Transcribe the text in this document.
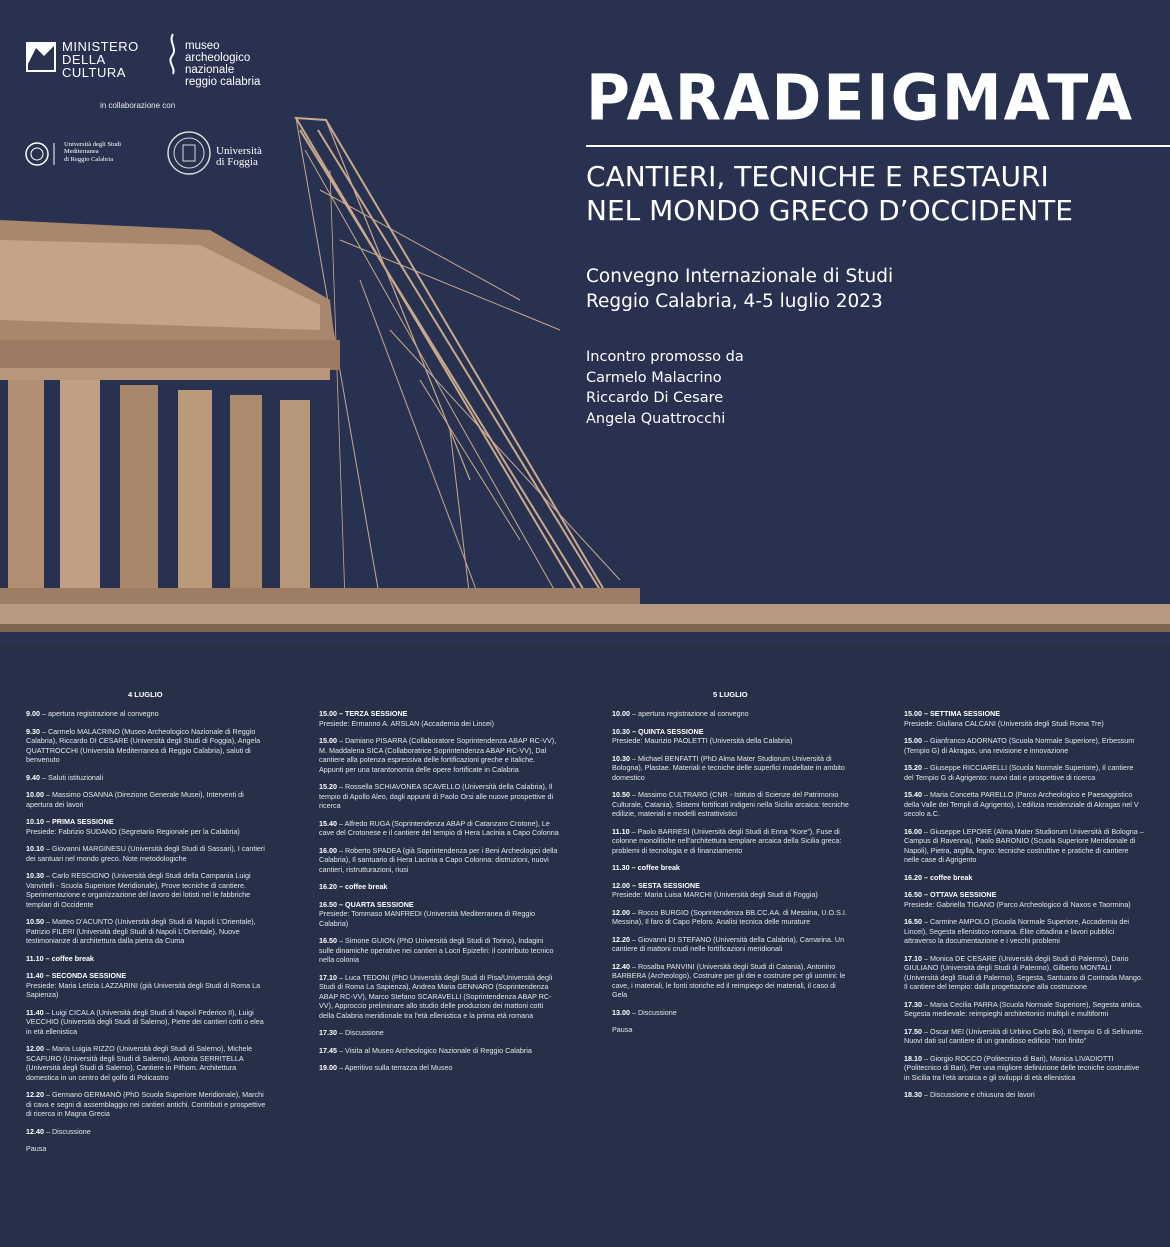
MINISTERO
DELLA
CULTURA
museo
archeologico
nazionale
reggio calabria
in collaborazione con
Università degli Studi
Mediterranea
di Reggio Calabria
Università
di Foggia
PARADEIGMATA
CANTIERI, TECNICHE E RESTAURI
NEL MONDO GRECO D’OCCIDENTE
Convegno Internazionale di Studi
Reggio Calabria, 4-5 luglio 2023
Incontro promosso da
Carmelo Malacrino
Riccardo Di Cesare
Angela Quattrocchi
4 LUGLIO	5 LUGLIO
9.00 – apertura registrazione al convegno
9.30 – Carmelo MALACRINO (Museo Archeologico Nazionale di Reggio Calabria), Riccardo DI CESARE (Università degli Studi di Foggia), Angela QUATTROCCHI (Università Mediterranea di Reggio Calabria), saluti di benvenuto
9.40 – Saluti istituzionali
10.00 – Massimo OSANNA (Direzione Generale Musei), Interventi di apertura dei lavori
10.10 – PRIMA SESSIONE
Presiede: Fabrizio SUDANO (Segretario Regionale per la Calabria)
10.10 – Giovanni MARGINESU (Università degli Studi di Sassari), I cantieri dei santuari nel mondo greco. Note metodologiche
10.30 – Carlo RESCIGNO (Università degli Studi della Campania Luigi Vanvitelli - Scuola Superiore Meridionale), Prove tecniche di cantiere. Sperimentazione e organizzazione del lavoro dei lotisti nel le fabbriche templari di Occidente
10.50 – Matteo D’ACUNTO (Università degli Studi di Napoli L’Orientale), Patrizio FILERI (Università degli Studi di Napoli L’Orientale), Nuove testimonianze di architettura dalla pietra da Cuma
11.10 – coffee break
11.40 – SECONDA SESSIONE
Presiede: Maria Letizia LAZZARINI (già Università degli Studi di Roma La Sapienza)
11.40 – Luigi CICALA (Università degli Studi di Napoli Federico II), Luigi VECCHIO (Università degli Studi di Salerno), Pietre dei cantieri cotti o elea in età ellenistica
12.00 – Maria Luigia RIZZO (Università degli Studi di Salerno), Michele SCAFURO (Università degli Studi di Salerno), Antonia SERRITELLA (Università degli Studi di Salerno), Cantiere in Pithom. Architettura domestica in un centro del golfo di Policastro
12.20 – Germano GERMANÒ (PhD Scuola Superiore Meridionale), Marchi di cava e segni di assemblaggio nei cantieri antichi. Contributi e prospettive di ricerca in Magna Grecia
12.40 – Discussione
Pausa
15.00 – TERZA SESSIONE
Presiede: Ermanno A. ARSLAN (Accademia dei Lincei)
15.00 – Damiano PISARRA (Collaboratore Soprintendenza ABAP RC-VV), M. Maddalena SICA (Collaboratrice Soprintendenza ABAP RC-VV), Dal cantiere alla potenza espressiva delle fortificazioni greche e italiche. Appunti per una tarantonomia delle opere fortificate in Calabria
15.20 – Rossella SCHIAVONEA SCAVELLO (Università della Calabria), Il tempio di Apollo Aleo, dagli appunti di Paolo Orsi alle nuove prospettive di ricerca
15.40 – Alfredo RUGA (Soprintendenza ABAP di Catanzaro Crotone), Le cave del Crotonese e il cantiere del tempio di Hera Lacinia a Capo Colonna
16.00 – Roberto SPADEA (già Soprintendenza per i Beni Archeologici della Calabria), Il santuario di Hera Lacinia a Capo Colonna: distruzioni, nuovi cantieri, ristrutturazioni, riusi
16.20 – coffee break
16.50 – QUARTA SESSIONE
Presiede: Tommaso MANFREDI (Università Mediterranea di Reggio Calabria)
16.50 – Simone GUION (PhD Università degli Studi di Torino), Indagini sulle dinamiche operative nei cantieri a Locri Epizefiri: il contributo tecnico nella colonia
17.10 – Luca TEDONI (PhD Università degli Studi di Pisa/Università degli Studi di Roma La Sapienza), Andrea Maria GENNARO (Soprintendenza ABAP RC-VV), Marco Stefano SCARAVELLI (Soprintendenza ABAP RC-VV), Approccio preliminare allo studio delle produzioni dei mattoni cotti della Calabria meridionale tra l’età ellenistica e la prima età romana
17.30 – Discussione
17.45 – Visita al Museo Archeologico Nazionale di Reggio Calabria
19.00 – Aperitivo sulla terrazza del Museo
10.00 – apertura registrazione al convegno
10.30 – QUINTA SESSIONE
Presiede: Maurizio PAOLETTI (Università della Calabria)
10.30 – Michael BENFATTI (PhD Alma Mater Studiorum Università di Bologna), Plastae. Materiali e tecniche delle superfici modellate in ambito domestico
10.50 – Massimo CULTRARO (CNR - Istituto di Scienze del Patrimonio Culturale, Catania), Sistemi fortificati indigeni nella Sicilia arcaica: tecniche edilizie, materiali e modelli estrattivistici
11.10 – Paolo BARRESI (Università degli Studi di Enna “Kore”), Fuse di colonne monolitiche nell’architettura templare arcaica della Sicilia greca: problemi di tecnologia e di finanziamento
11.30 – coffee break
12.00 – SESTA SESSIONE
Presiede: Maria Luisa MARCHI (Università degli Studi di Foggia)
12.00 – Rocco BURGIO (Soprintendenza BB.CC.AA. di Messina, U.O.S.I. Messina), Il faro di Capo Peloro. Analisi tecnica delle murature
12.20 – Giovanni DI STEFANO (Università della Calabria), Camarina. Un cantiere di mattoni crudi nelle fortificazioni meridionali
12.40 – Rosalba PANVINI (Università degli Studi di Catania), Antonino BARBERA (Archeologo), Costruire per gli dei e costruire per gli uomini: le cave, i materiali, le fonti storiche ed il reimpiego dei materiali, il caso di Gela
13.00 – Discussione
Pausa
15.00 – SETTIMA SESSIONE
Presiede: Giuliana CALCANI (Università degli Studi Roma Tre)
15.00 – Gianfranco ADORNATO (Scuola Normale Superiore), Erbessum (Tempio G) di Akragas, una revisione e innovazione
15.20 – Giuseppe RICCIARELLI (Scuola Normale Superiore), Il cantiere del Tempio G di Agrigento: nuovi dati e prospettive di ricerca
15.40 – Maria Concetta PARELLO (Parco Archeologico e Paesaggistico della Valle dei Templi di Agrigento), L’edilizia residenziale di Akragas nel V secolo a.C.
16.00 – Giuseppe LEPORE (Alma Mater Studiorum Università di Bologna – Campus di Ravenna), Paolo BARONIO (Scuola Superiore Meridionale di Napoli), Pietra, argilla, legno: tecniche costruttive e pratiche di cantiere nelle case di Agrigento
16.20 – coffee break
16.50 – OTTAVA SESSIONE
Presiede: Gabriella TIGANO (Parco Archeologico di Naxos e Taormina)
16.50 – Carmine AMPOLO (Scuola Normale Superiore, Accademia dei Lincei), Segesta ellenistico-romana. Élite cittadina e lavori pubblici attraverso la documentazione e i vecchi problemi
17.10 – Monica DE CESARE (Università degli Studi di Palermo), Dario GIULIANO (Università degli Studi di Palermo), Gilberto MONTALI (Università degli Studi di Palermo), Segesta, Santuario di Contrada Mango. Il cantiere del tempio: dalla progettazione alla costruzione
17.30 – Maria Cecilia PARRA (Scuola Normale Superiore), Segesta antica, Segesta medievale: reimpieghi architettonici multipli e multiformi
17.50 – Oscar MEI (Università di Urbino Carlo Bo), Il tempio G di Selinunte. Nuovi dati sul cantiere di un grandioso edificio “non finito”
18.10 – Giorgio ROCCO (Politecnico di Bari), Monica LIVADIOTTI (Politecnico di Bari), Per una migliore definizione delle tecniche costruttive in Sicilia tra l’età arcaica e gli sviluppi di età ellenistica
18.30 – Discussione e chiusura dei lavori
